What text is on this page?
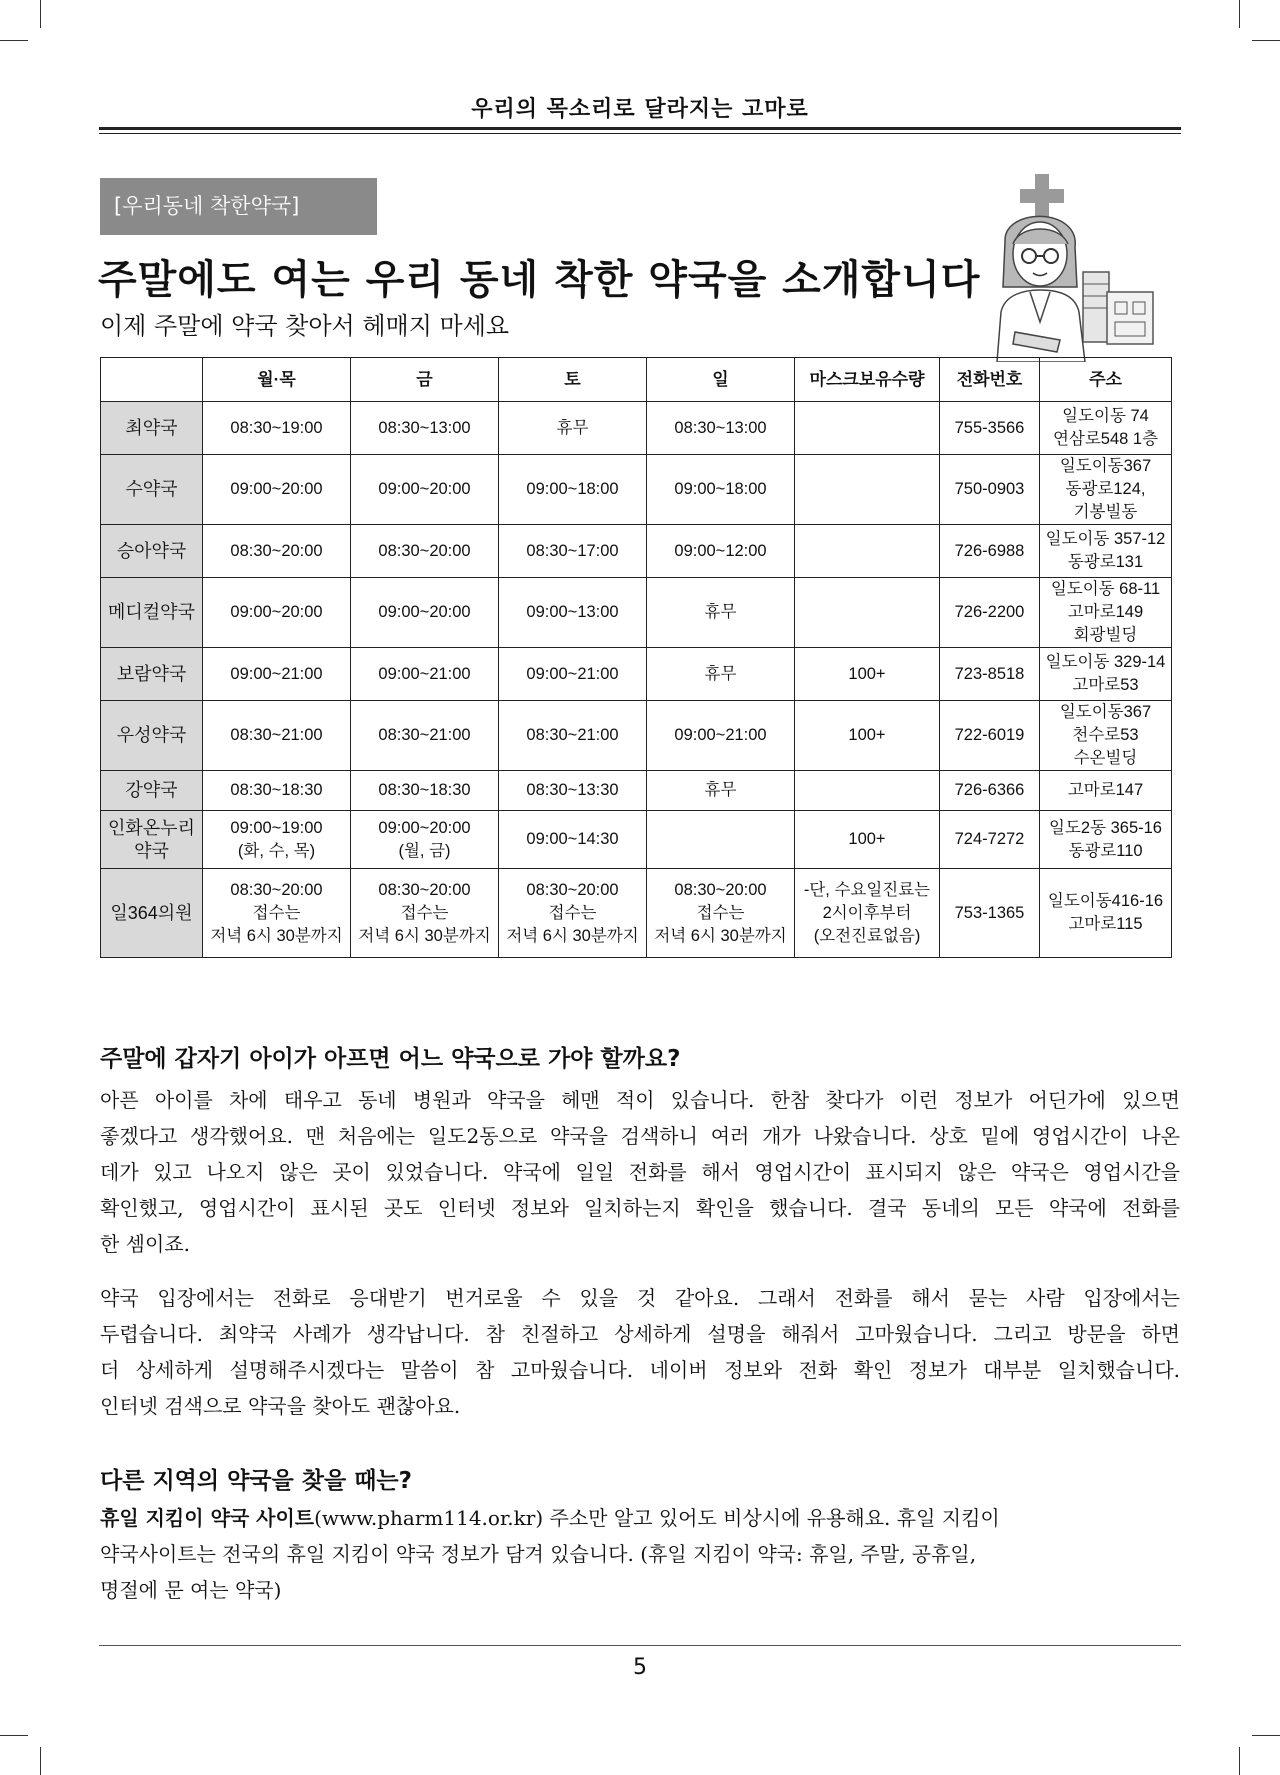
우리의 목소리로 달라지는 고마로
[우리동네 착한약국]
주말에도 여는 우리 동네 착한 약국을 소개합니다
이제 주말에 약국 찾아서 헤매지 마세요
	월·목	금	토	일	마스크보유수량	전화번호	주소

최약국	08:30~19:00	08:30~13:00	휴무	08:30~13:00		755-3566	일도이동 74
연삼로548 1층

수약국	09:00~20:00	09:00~20:00	09:00~18:00	09:00~18:00		750-0903	일도이동367
동광로124,
기봉빌동

승아약국	08:30~20:00	08:30~20:00	08:30~17:00	09:00~12:00		726-6988	일도이동 357-12
동광로131

메디컬약국	09:00~20:00	09:00~20:00	09:00~13:00	휴무		726-2200	일도이동 68-11
고마로149
회광빌딩

보람약국	09:00~21:00	09:00~21:00	09:00~21:00	휴무	100+	723-8518	일도이동 329-14
고마로53

우성약국	08:30~21:00	08:30~21:00	08:30~21:00	09:00~21:00	100+	722-6019	일도이동367
천수로53
수온빌딩

강약국	08:30~18:30	08:30~18:30	08:30~13:30	휴무		726-6366	고마로147

인화온누리
약국	09:00~19:00
(화, 수, 목)	09:00~20:00
(월, 금)	09:00~14:30		100+	724-7272	일도2동 365-16
동광로110

일364의원	08:30~20:00
접수는
저녁 6시 30분까지	08:30~20:00
접수는
저녁 6시 30분까지	08:30~20:00
접수는
저녁 6시 30분까지	08:30~20:00
접수는
저녁 6시 30분까지	-단, 수요일진료는
2시이후부터
(오전진료없음)	753-1365	일도이동416-16
고마로115
주말에 갑자기 아이가 아프면 어느 약국으로 가야 할까요?
아픈 아이를 차에 태우고 동네 병원과 약국을 헤맨 적이 있습니다. 한참 찾다가 이런 정보가 어딘가에 있으면
좋겠다고 생각했어요. 맨 처음에는 일도2동으로 약국을 검색하니 여러 개가 나왔습니다. 상호 밑에 영업시간이 나온
데가 있고 나오지 않은 곳이 있었습니다. 약국에 일일 전화를 해서 영업시간이 표시되지 않은 약국은 영업시간을
확인했고, 영업시간이 표시된 곳도 인터넷 정보와 일치하는지 확인을 했습니다. 결국 동네의 모든 약국에 전화를
한 셈이죠.
약국 입장에서는 전화로 응대받기 번거로울 수 있을 것 같아요. 그래서 전화를 해서 묻는 사람 입장에서는
두렵습니다. 최약국 사례가 생각납니다. 참 친절하고 상세하게 설명을 해줘서 고마웠습니다. 그리고 방문을 하면
더 상세하게 설명해주시겠다는 말씀이 참 고마웠습니다. 네이버 정보와 전화 확인 정보가 대부분 일치했습니다.
인터넷 검색으로 약국을 찾아도 괜찮아요.
다른 지역의 약국을 찾을 때는?
휴일 지킴이 약국 사이트(www.pharm114.or.kr) 주소만 알고 있어도 비상시에 유용해요. 휴일 지킴이
약국사이트는 전국의 휴일 지킴이 약국 정보가 담겨 있습니다. (휴일 지킴이 약국: 휴일, 주말, 공휴일,
명절에 문 여는 약국)
5
